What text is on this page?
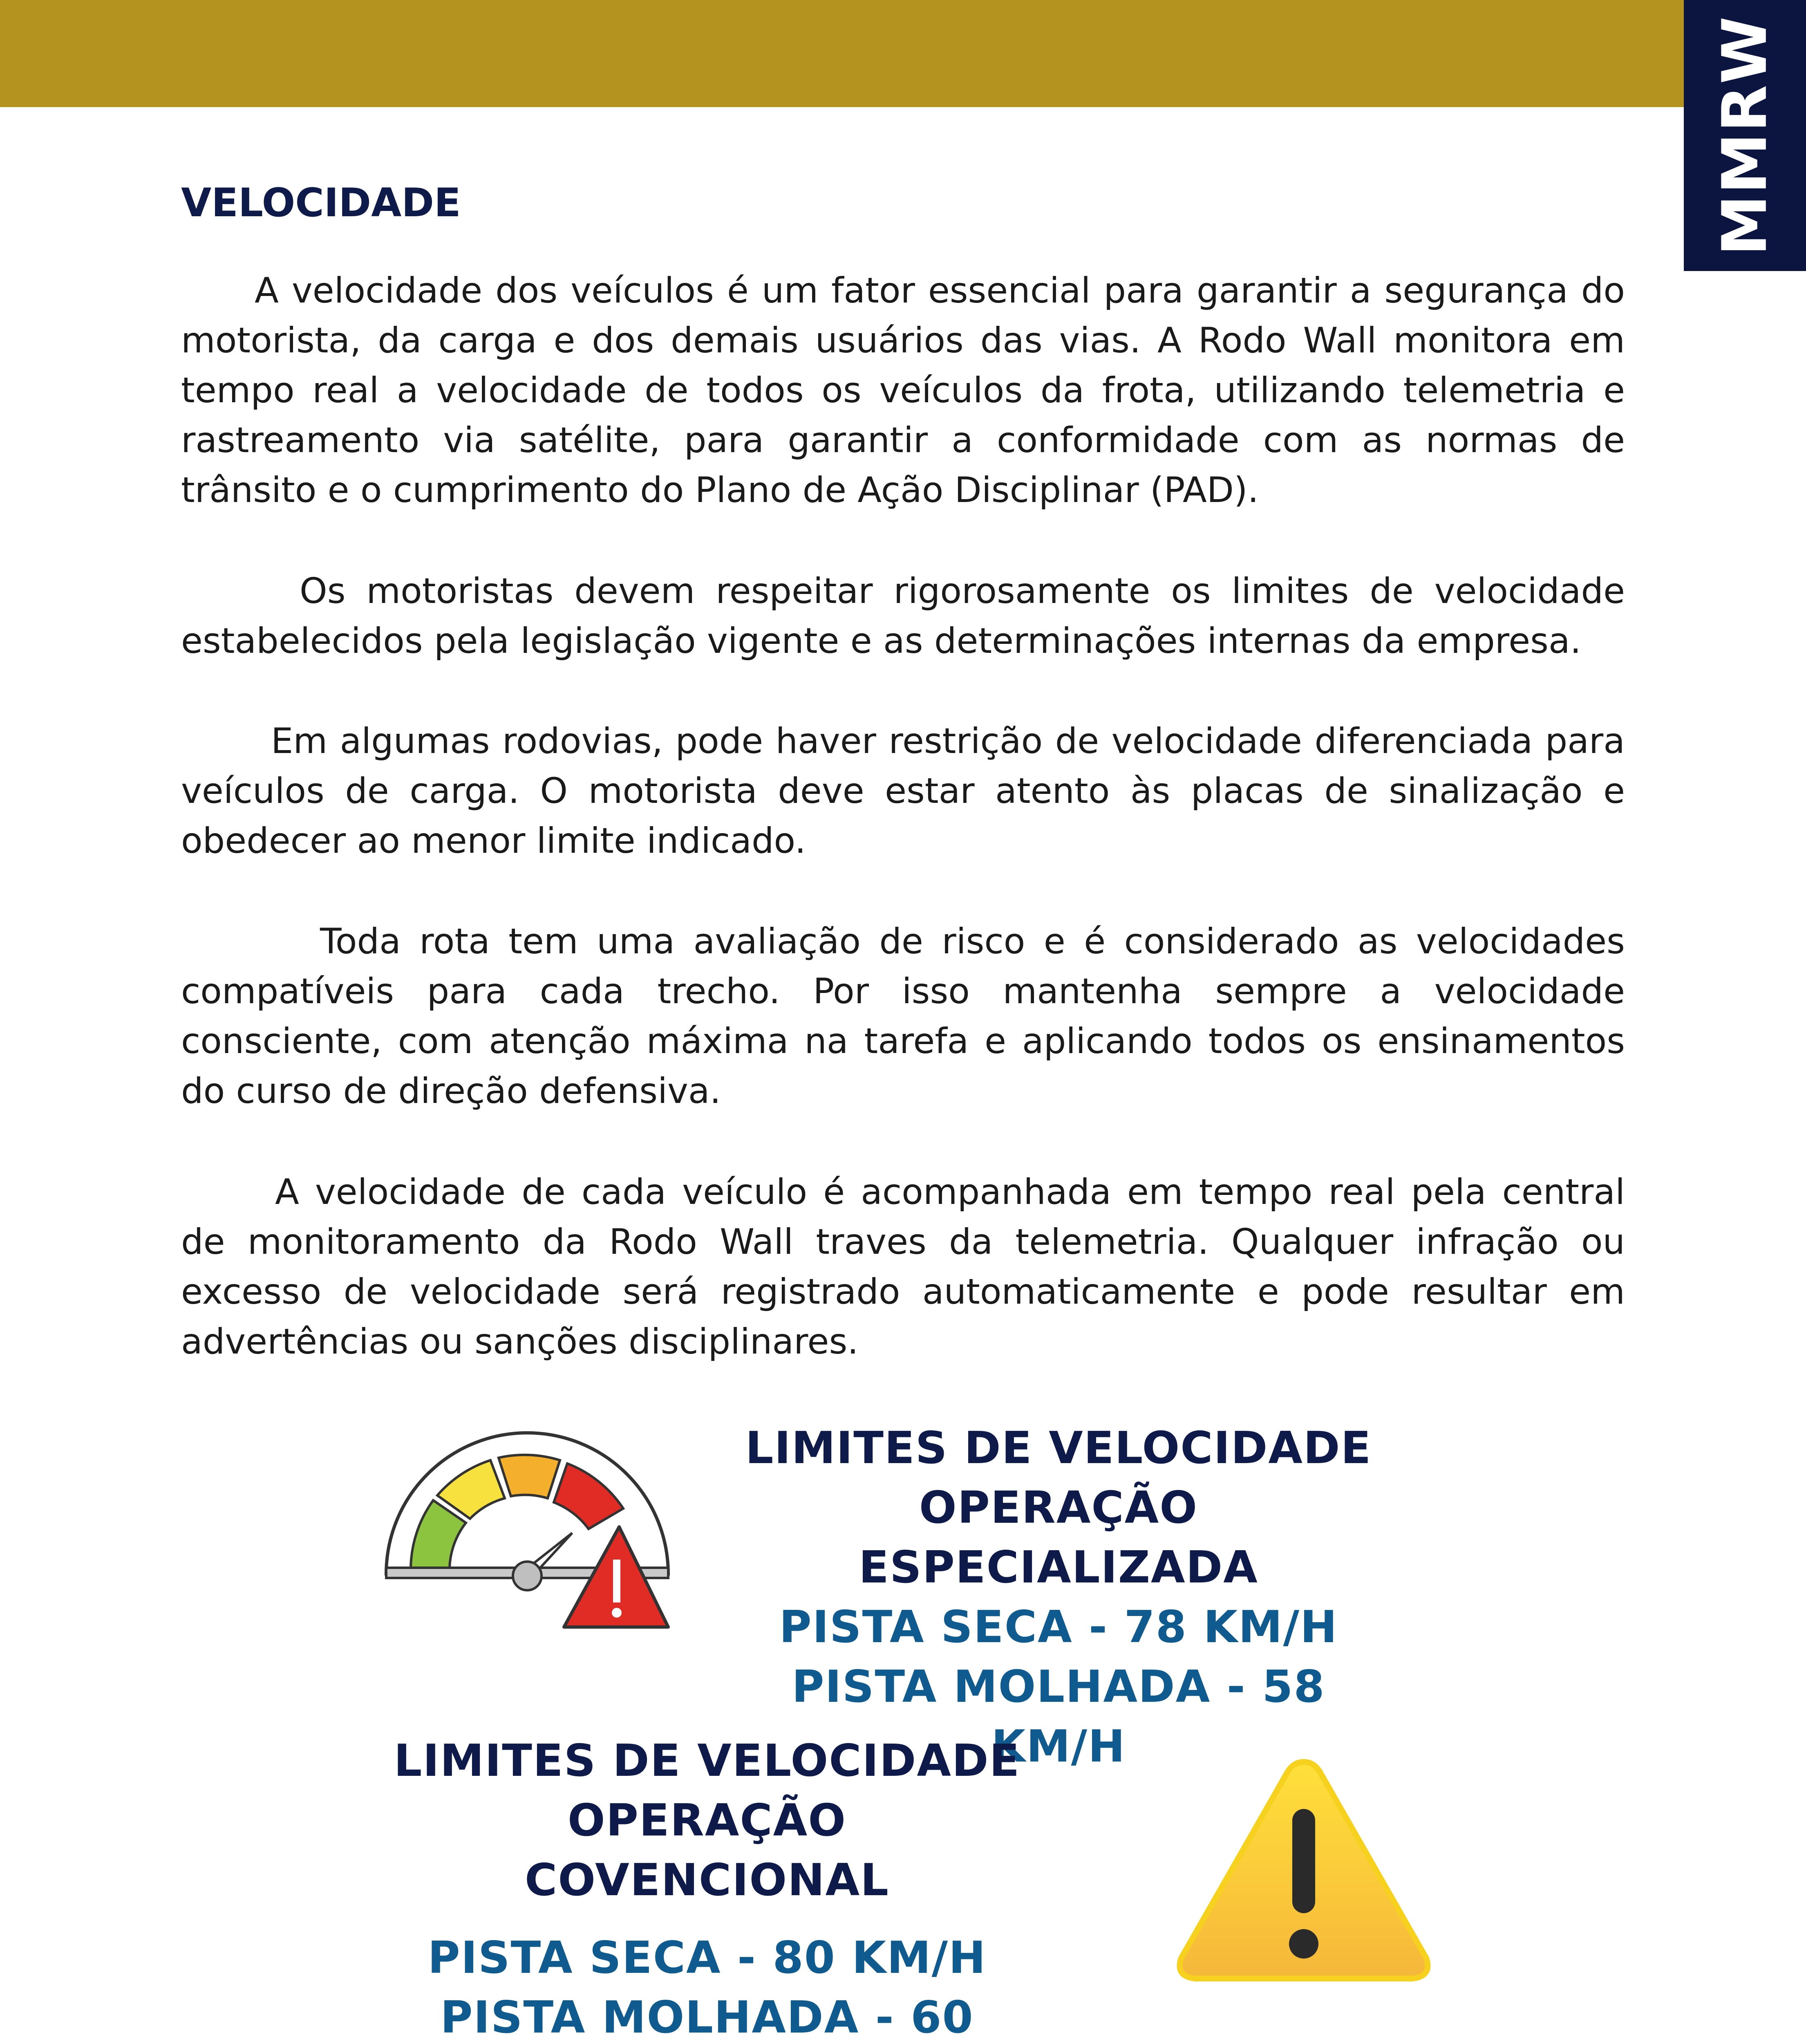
MMRW
VELOCIDADE

A velocidade dos veículos é um fator essencial para garantir a segurança do motorista, da carga e dos demais usuários das vias. A Rodo Wall monitora em tempo real a velocidade de todos os veículos da frota, utilizando telemetria e rastreamento via satélite, para garantir a conformidade com as normas de trânsito e o cumprimento do Plano de Ação Disciplinar (PAD).

Os motoristas devem respeitar rigorosamente os limites de velocidade estabelecidos pela legislação vigente e as determinações internas da empresa.

Em algumas rodovias, pode haver restrição de velocidade diferenciada para veículos de carga. O motorista deve estar atento às placas de sinalização e obedecer ao menor limite indicado.

Toda rota tem uma avaliação de risco e é considerado as velocidades compatíveis para cada trecho. Por isso mantenha sempre a velocidade consciente, com atenção máxima na tarefa e aplicando todos os ensinamentos do curso de direção defensiva.

A velocidade de cada veículo é acompanhada em tempo real pela central de monitoramento da Rodo Wall traves da telemetria. Qualquer infração ou excesso de velocidade será registrado automaticamente e pode resultar em advertências ou sanções disciplinares.

LIMITES DE VELOCIDADE
OPERAÇÃO ESPECIALIZADA
PISTA SECA - 78 KM/H
PISTA MOLHADA - 58 KM/H
LIMITES DE VELOCIDADE
OPERAÇÃO COVENCIONAL
PISTA SECA - 80 KM/H
PISTA MOLHADA - 60
